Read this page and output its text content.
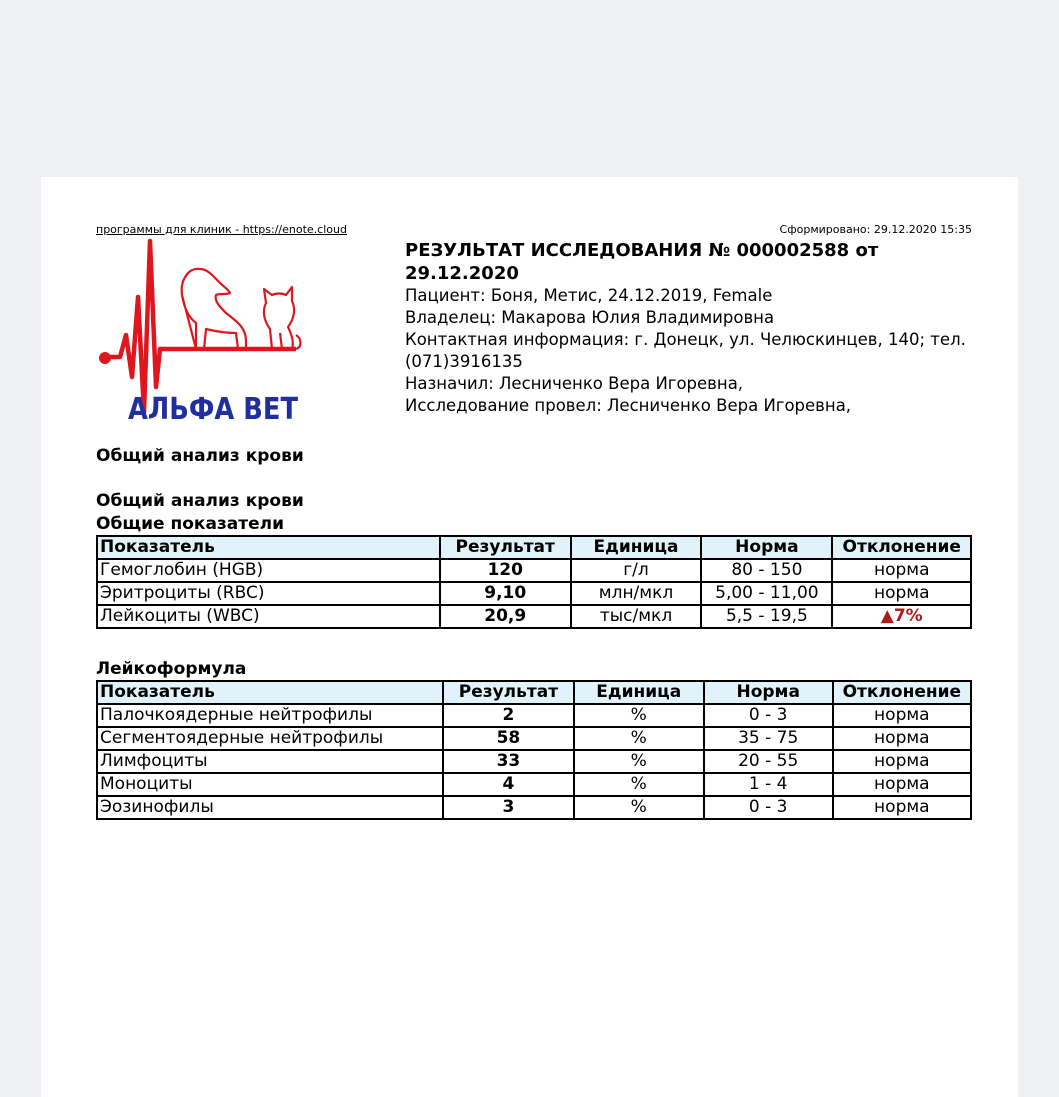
программы для клиник - https://enote.cloud	Сформировано: 29.12.2020 15:35
АЛЬФА ВЕТ

РЕЗУЛЬТАТ ИССЛЕДОВАНИЯ № 000002588 от 29.12.2020

Пациент: Боня, Метис, 24.12.2019, Female

Владелец: Макарова Юлия Владимировна

Контактная информация: г. Донецк, ул. Челюскинцев, 140; тел. (071)3916135

Назначил: Лесниченко Вера Игоревна,

Исследование провел: Лесниченко Вера Игоревна,

Общий анализ крови

Общий анализ крови

Общие показатели

Показатель	Результат	Единица	Норма	Отклонение
Гемоглобин (HGB)	120	г/л	80 - 150	норма
Эритроциты (RBC)	9,10	млн/мкл	5,00 - 11,00	норма
Лейкоциты (WBC)	20,9	тыс/мкл	5,5 - 19,5	▲7%

Лейкоформула

Показатель	Результат	Единица	Норма	Отклонение
Палочкоядерные нейтрофилы	2	%	0 - 3	норма
Сегментоядерные нейтрофилы	58	%	35 - 75	норма
Лимфоциты	33	%	20 - 55	норма
Моноциты	4	%	1 - 4	норма
Эозинофилы	3	%	0 - 3	норма
